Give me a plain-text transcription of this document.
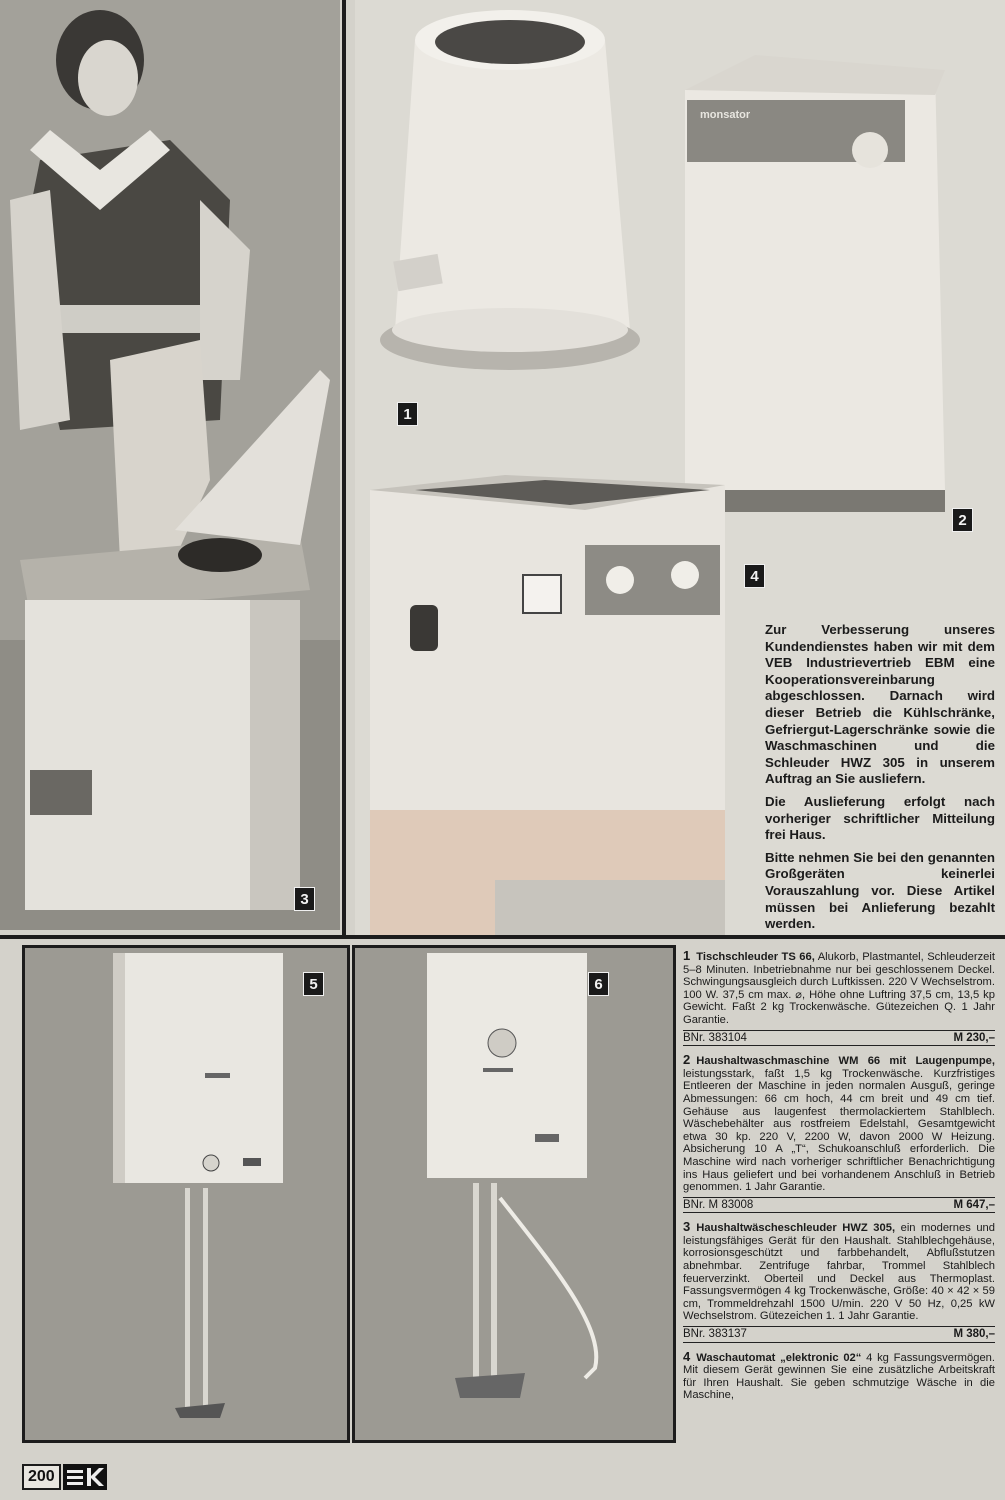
3
monsator
1
2
4

Zur Verbesserung unseres Kundendienstes haben wir mit dem VEB Industrievertrieb EBM eine Kooperationsvereinbarung abgeschlossen. Darnach wird dieser Betrieb die Kühlschränke, Gefriergut-Lagerschränke sowie die Waschmaschinen und die Schleuder HWZ 305 in unserem Auftrag an Sie ausliefern.

Die Auslieferung erfolgt nach vorheriger schriftlicher Mitteilung frei Haus.

Bitte nehmen Sie bei den genannten Großgeräten keinerlei Vorauszahlung vor. Diese Artikel müssen bei Anlieferung bezahlt werden.

5	6

1 Tischschleuder TS 66, Alukorb, Plastmantel, Schleuderzeit 5–8 Minuten. Inbetriebnahme nur bei geschlossenem Deckel. Schwingungsausgleich durch Luftkissen. 220 V Wechselstrom. 100 W. 37,5 cm max. ⌀, Höhe ohne Luftring 37,5 cm, 13,5 kp Gewicht. Faßt 2 kg Trockenwäsche. Gütezeichen Q. 1 Jahr Garantie.

BNr. 383104	M 230,–

2 Haushaltwaschmaschine WM 66 mit Laugenpumpe, leistungsstark, faßt 1,5 kg Trockenwäsche. Kurzfristiges Entleeren der Maschine in jeden normalen Ausguß, geringe Abmessungen: 66 cm hoch, 44 cm breit und 49 cm tief. Gehäuse aus laugenfest thermolackiertem Stahlblech. Wäschebehälter aus rostfreiem Edelstahl, Gesamtgewicht etwa 30 kp. 220 V, 2200 W, davon 2000 W Heizung. Absicherung 10 A „T“, Schukoanschluß erforderlich. Die Maschine wird nach vorheriger schriftlicher Benachrichtigung ins Haus geliefert und bei vorhandenem Anschluß in Betrieb genommen. 1 Jahr Garantie.

BNr. M 83008	M 647,–

3 Haushaltwäscheschleuder HWZ 305, ein modernes und leistungsfähiges Gerät für den Haushalt. Stahlblechgehäuse, korrosionsgeschützt und farbbehandelt, Abflußstutzen abnehmbar. Zentrifuge fahrbar, Trommel Stahlblech feuerverzinkt. Oberteil und Deckel aus Thermoplast. Fassungsvermögen 4 kg Trockenwäsche, Größe: 40 × 42 × 59 cm, Trommeldrehzahl 1500 U/min. 220 V 50 Hz, 0,25 kW Wechselstrom. Gütezeichen 1. 1 Jahr Garantie.

BNr. 383137	M 380,–

4 Waschautomat „elektronic 02“ 4 kg Fassungsvermögen. Mit diesem Gerät gewinnen Sie eine zusätzliche Arbeitskraft für Ihren Haushalt. Sie geben schmutzige Wäsche in die Maschine,

200
